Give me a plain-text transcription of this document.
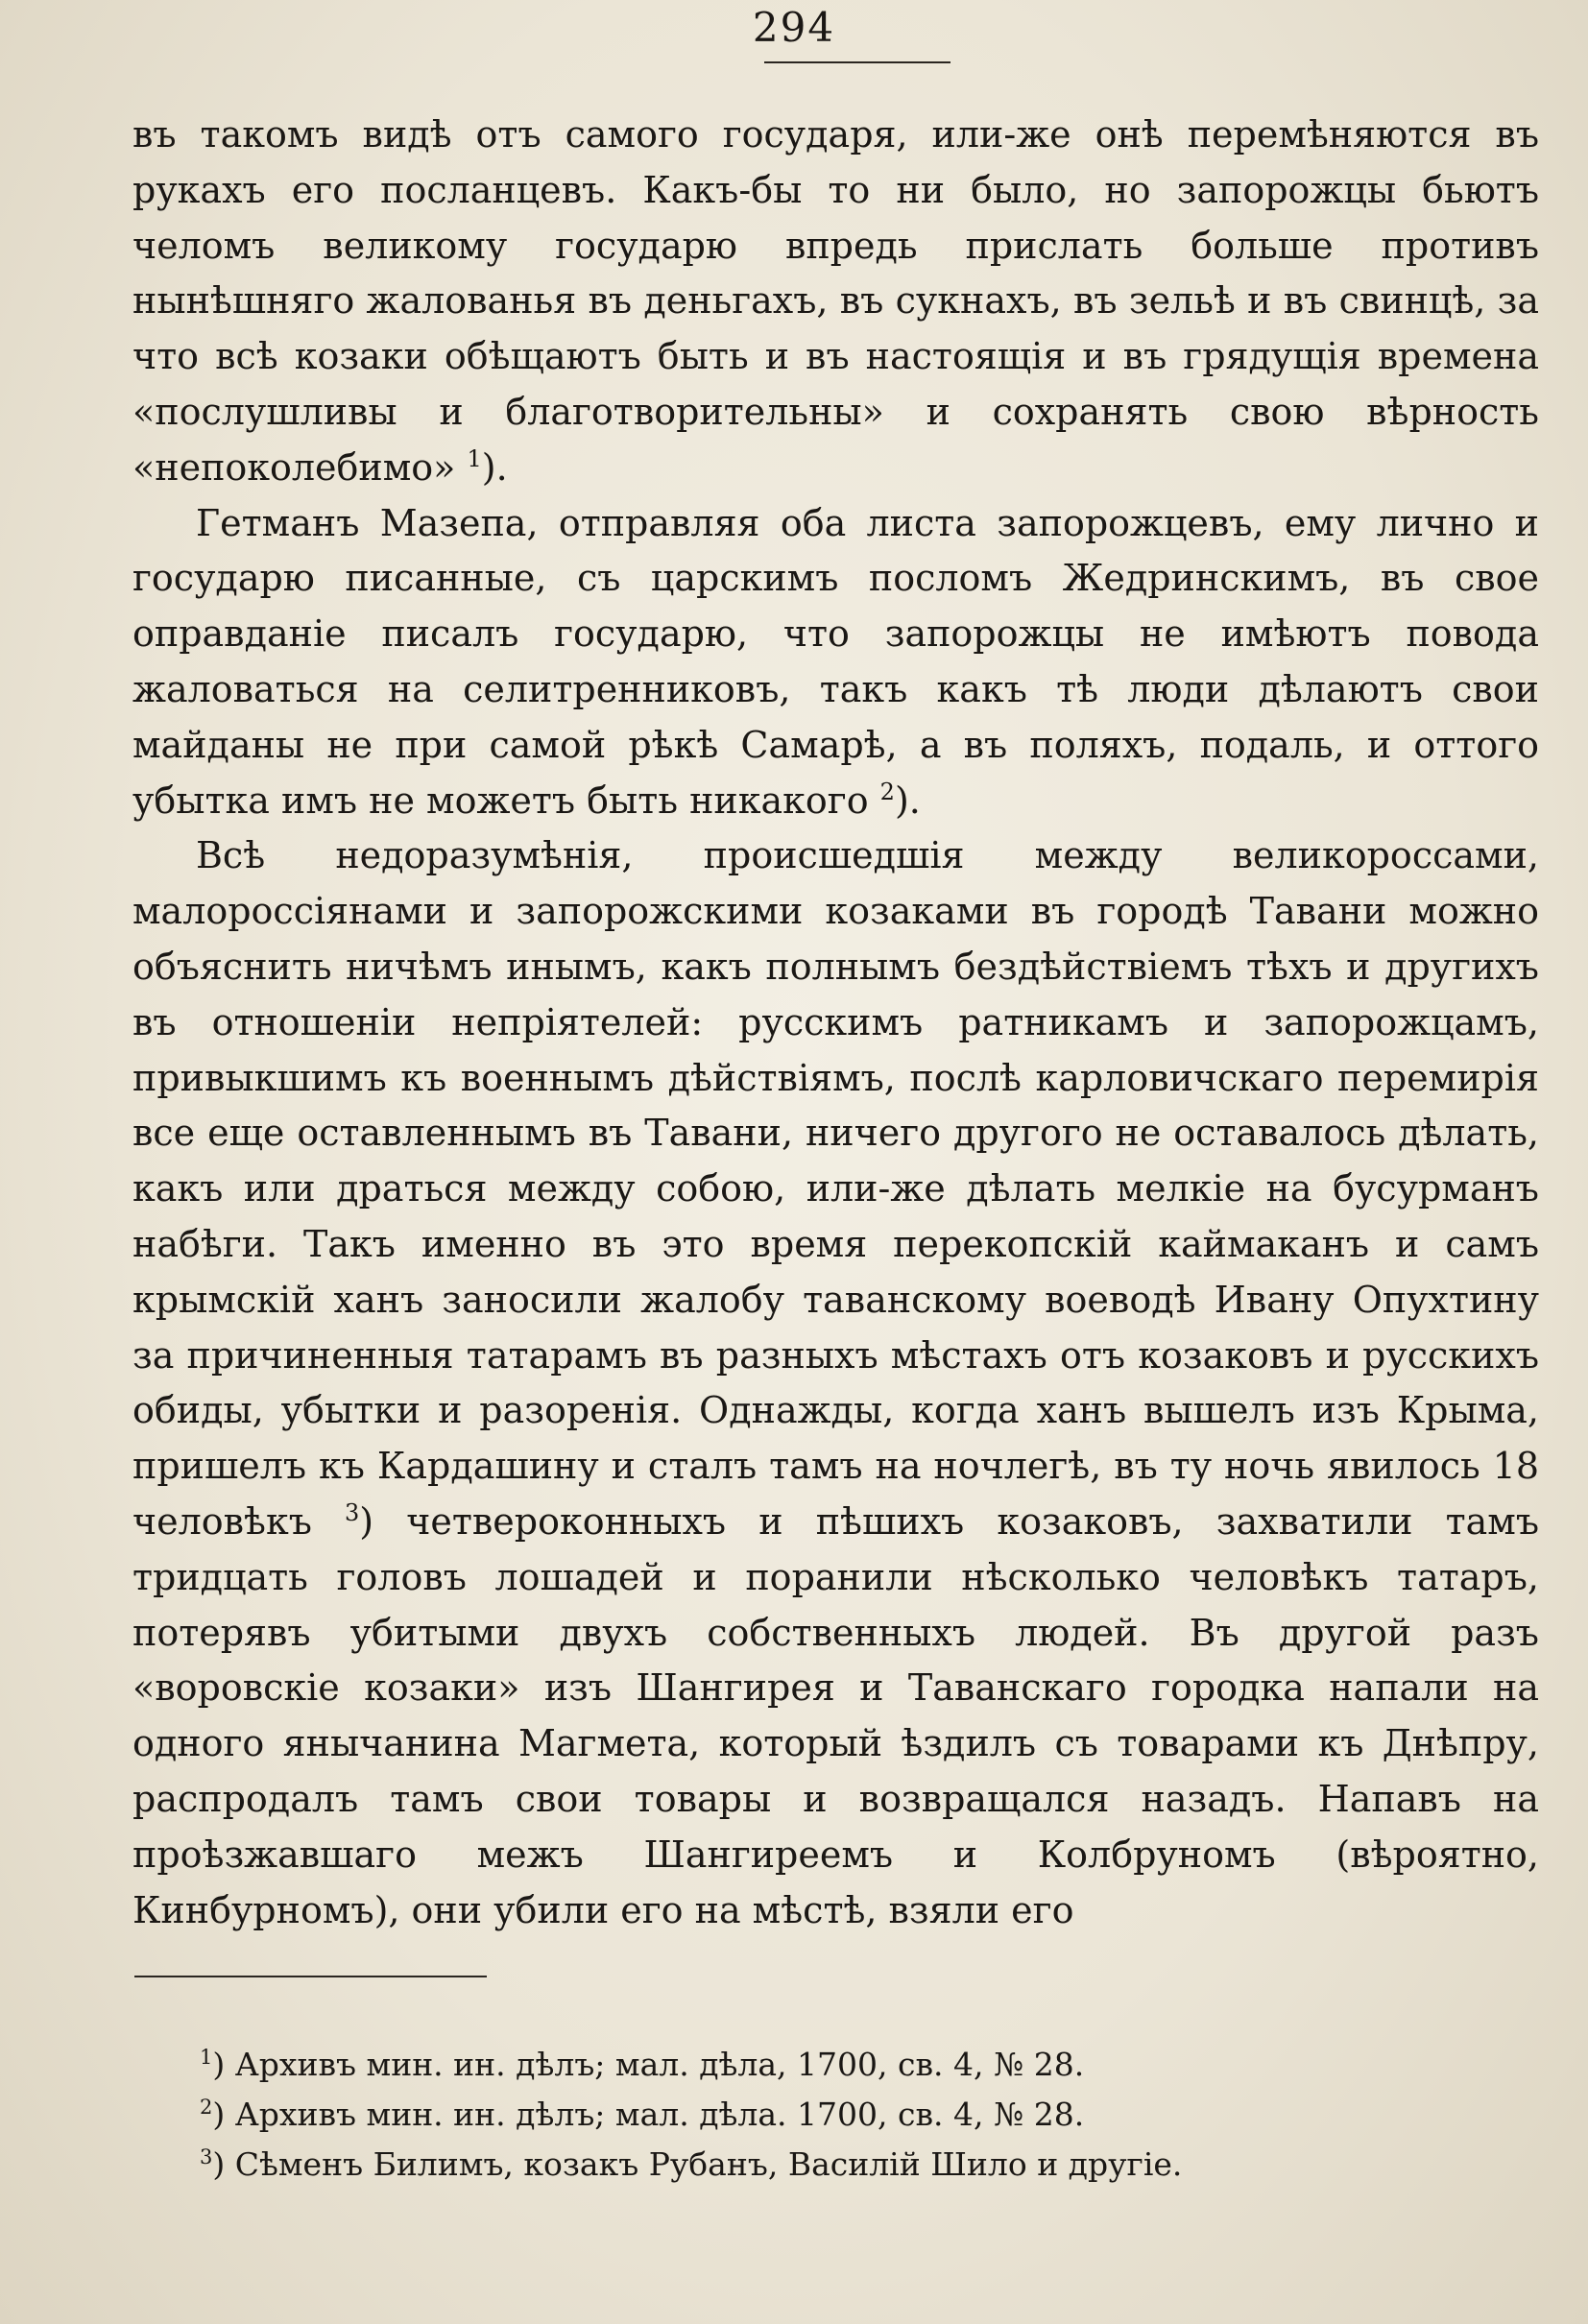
294

въ такомъ видѣ отъ самого государя, или-же онѣ перемѣняются въ рукахъ его посланцевъ. Какъ-бы то ни было, но запорожцы бьютъ челомъ великому государю впредь прислать больше противъ нынѣшняго жалованья въ деньгахъ, въ сукнахъ, въ зельѣ и въ свинцѣ, за что всѣ козаки обѣщаютъ быть и въ настоящія и въ грядущія времена «послушливы и благотворительны» и сохранять свою вѣрность «непоколебимо» $^1$).

Гетманъ Мазепа, отправляя оба листа запорожцевъ, ему лично и государю писанные, съ царскимъ посломъ Жедринскимъ, въ свое оправданіе писалъ государю, что запорожцы не имѣютъ повода жаловаться на селитренниковъ, такъ какъ тѣ люди дѣлаютъ свои майданы не при самой рѣкѣ Самарѣ, а въ поляхъ, подаль, и оттого убытка имъ не можетъ быть никакого $^2$).

Всѣ недоразумѣнія, происшедшія между великороссами, малороссіянами и запорожскими козаками въ городѣ Тавани можно объяснить ничѣмъ инымъ, какъ полнымъ бездѣйствіемъ тѣхъ и другихъ въ отношеніи непріятелей: русскимъ ратникамъ и запорожцамъ, привыкшимъ къ военнымъ дѣйствіямъ, послѣ карловичскаго перемирія все еще оставленнымъ въ Тавани, ничего другого не оставалось дѣлать, какъ или драться между собою, или-же дѣлать мелкіе на бусурманъ набѣги. Такъ именно въ это время перекопскій каймаканъ и самъ крымскій ханъ заносили жалобу таванскому воеводѣ Ивану Опухтину за причиненныя татарамъ въ разныхъ мѣстахъ отъ козаковъ и русскихъ обиды, убытки и разоренія. Однажды, когда ханъ вышелъ изъ Крыма, пришелъ къ Кардашину и сталъ тамъ на ночлегѣ, въ ту ночь явилось 18 человѣкъ $^3$) четвероконныхъ и пѣшихъ козаковъ, захватили тамъ тридцать головъ лошадей и поранили нѣсколько человѣкъ татаръ, потерявъ убитыми двухъ собственныхъ людей. Въ другой разъ «воровскіе козаки» изъ Шангирея и Таванскаго городка напали на одного янычанина Магмета, который ѣздилъ съ товарами къ Днѣпру, распродалъ тамъ свои товары и возвращался назадъ. Напавъ на проѣзжавшаго межъ Шангиреемъ и Колбруномъ (вѣроятно, Кинбурномъ), они убили его на мѣстѣ, взяли его

$^1$) Архивъ мин. ин. дѣлъ; мал. дѣла, 1700, св. 4, № 28.

$^2$) Архивъ мин. ин. дѣлъ; мал. дѣла. 1700, св. 4, № 28.

$^3$) Сѣменъ Билимъ, козакъ Рубанъ, Василій Шило и другіе.
